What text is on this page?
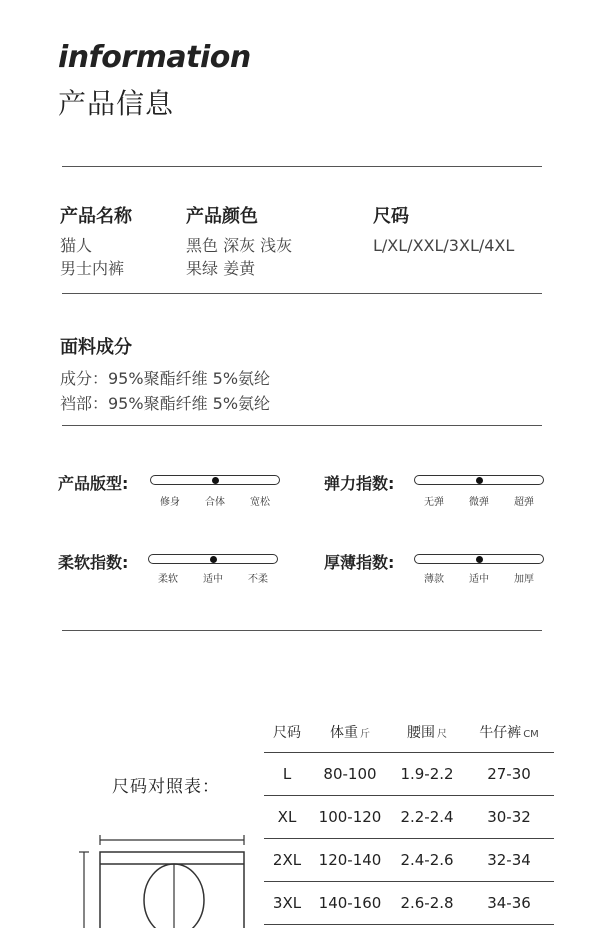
information
产品信息
产品名称
猫人
男士内裤
产品颜色
黑色 深灰 浅灰
果绿 姜黄
尺码
L/XL/XXL/3XL/4XL
面料成分
成分：95%聚酯纤维 5%氨纶
裆部：95%聚酯纤维 5%氨纶
产品版型:
修身	合体	宽松
弹力指数:
无弹	微弹	超弹
柔软指数:
柔软	适中	不柔
厚薄指数:
薄款	适中	加厚
尺码对照表：
尺码	体重 斤	腰围 尺	牛仔裤 CM
L	80-100	1.9-2.2	27-30
XL	100-120	2.2-2.4	30-32
2XL	120-140	2.4-2.6	32-34
3XL	140-160	2.6-2.8	34-36
